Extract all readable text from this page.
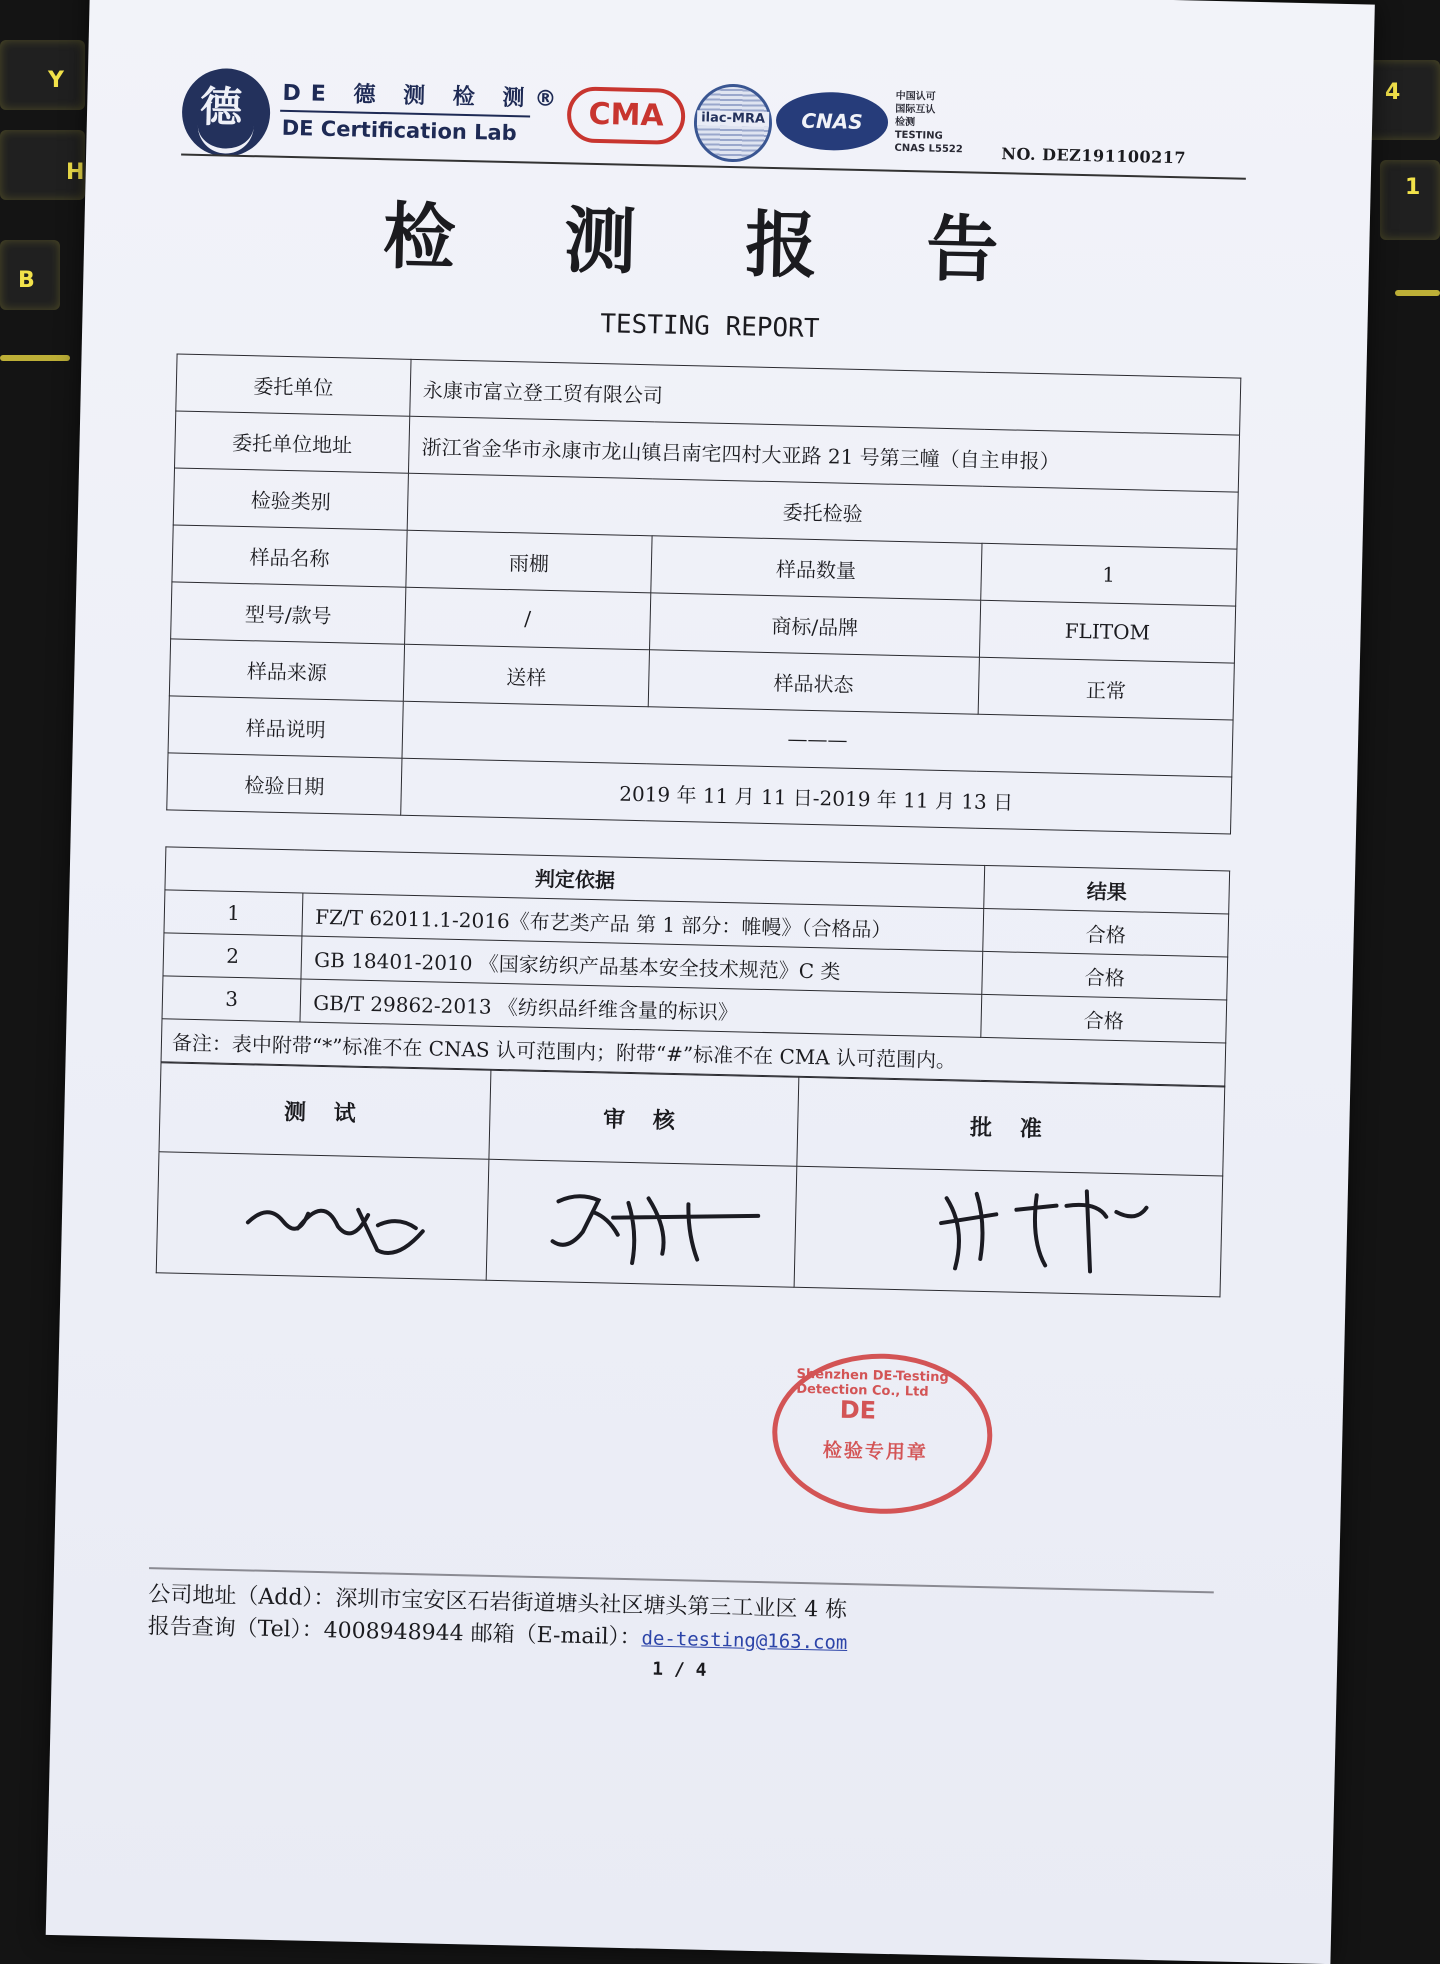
Y
H
B
4
1
德 DE 德 测 检 测®
DE Certification Lab	CMA	ilac-MRA	CNAS
中国认可
国际互认
检测
TESTING
CNAS L5522 NO. DEZ191100217
检 测 报 告
TESTING REPORT
委托单位	永康市富立登工贸有限公司		
委托单位地址	浙江省金华市永康市龙山镇吕南宅四村大亚路 21 号第三幢（自主申报）		
检验类别	委托检验		
样品名称	雨棚	样品数量	1
型号/款号	/	商标/品牌	FLITOM
样品来源	送样	样品状态	正常
样品说明	———		
检验日期	2019 年 11 月 11 日-2019 年 11 月 13 日		
判定依据		结果
1	FZ/T 62011.1-2016《布艺类产品 第 1 部分：帷幔》（合格品）	合格
2	GB 18401-2010 《国家纺织产品基本安全技术规范》C 类	合格
3	GB/T 29862-2013 《纺织品纤维含量的标识》	合格
备注：表中附带“*”标准不在 CNAS 认可范围内；附带“#”标准不在 CMA 认可范围内。		
测 试	审 核	批 准

Shenzhen DE-Testing Detection Co., Ltd
DE
检验专用章

公司地址（Add）：深圳市宝安区石岩街道塘头社区塘头第三工业区 4 栋

报告查询（Tel）：4008948944 邮箱（E-mail）：de-testing@163.com

1 / 4
